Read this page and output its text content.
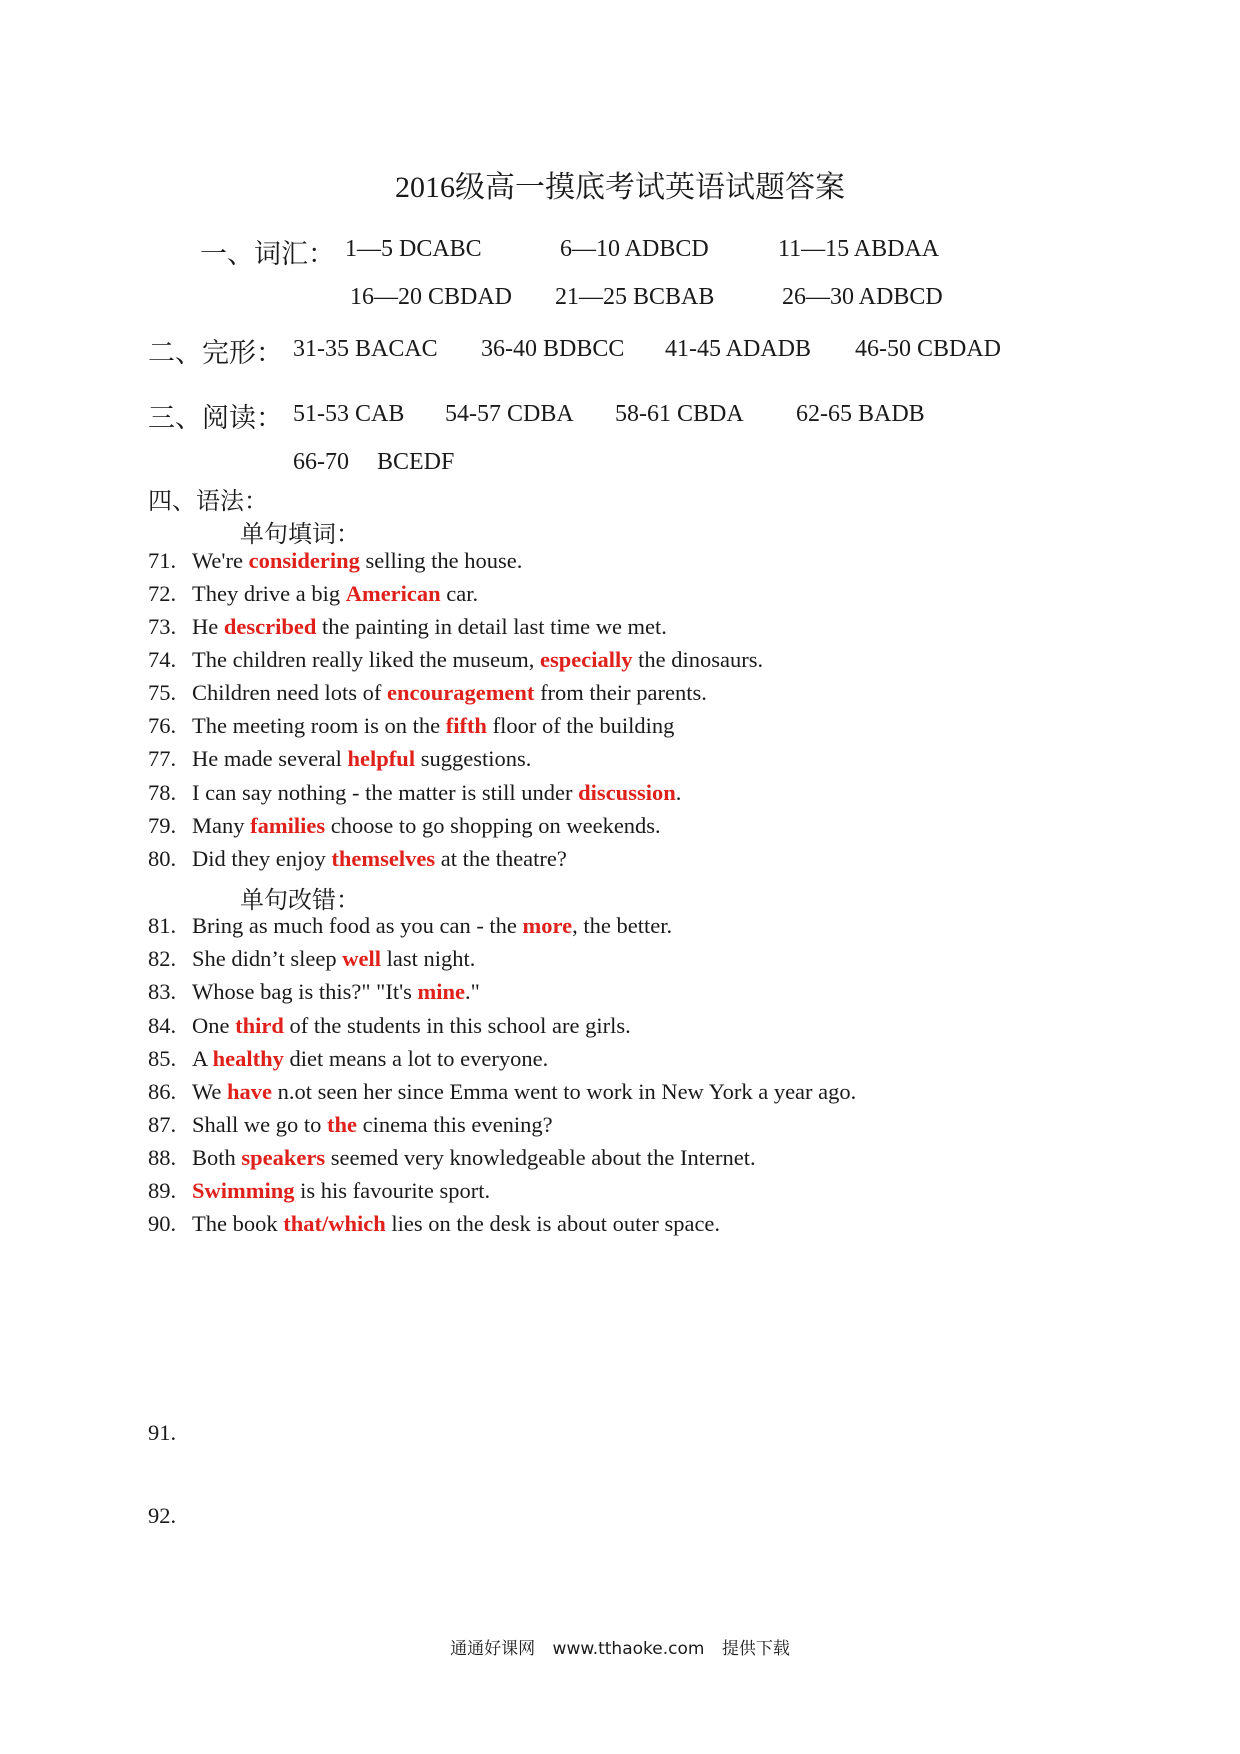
2016级高一摸底考试英语试题答案
一、词汇： 1—5 DCABC	6—10 ADBCD	11—15 ABDAA
16—20 CBDAD 21—25 BCBAB	26—30 ADBCD
二、完形： 31-35 BACAC 36-40 BDBCC 41-45 ADADB 46-50 CBDAD
三、阅读： 51-53 CAB 54-57 CDBA 58-61 CBDA 62-65 BADB
66-70 BCEDF
四、语法：
单句填词：
71. We're considering selling the house.
72. They drive a big American car.
73. He described the painting in detail last time we met.
74. The children really liked the museum, especially the dinosaurs.
75. Children need lots of encouragement from their parents.
76. The meeting room is on the fifth floor of the building
77. He made several helpful suggestions.
78. I can say nothing - the matter is still under discussion.
79. Many families choose to go shopping on weekends.
80. Did they enjoy themselves at the theatre?
单句改错：
81. Bring as much food as you can - the more, the better.
82. She didn’t sleep well last night.
83. Whose bag is this?" "It's mine."
84. One third of the students in this school are girls.
85. A healthy diet means a lot to everyone.
86. We have n.ot seen her since Emma went to work in New York a year ago.
87. Shall we go to the cinema this evening?
88. Both speakers seemed very knowledgeable about the Internet.
89. Swimming is his favourite sport.
90. The book that/which lies on the desk is about outer space.
91.
92.
通通好课网 www.tthaoke.com 提供下载
